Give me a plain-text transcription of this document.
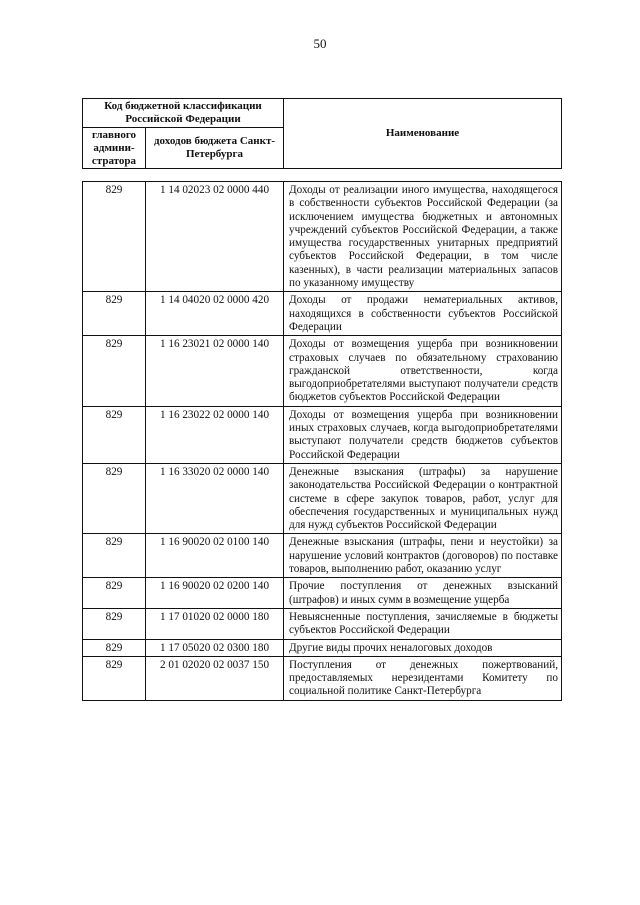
50
Код бюджетной классификации Российской Федерации		Наименование
главного админи-стратора	доходов бюджета Санкт-Петербурга	
829	1 14 02023 02 0000 440	Доходы от реализации иного имущества, находящегося в собственности субъектов Российской Федерации (за исключением имущества бюджетных и автономных учреждений субъектов Российской Федерации, а также имущества государственных унитарных предприятий субъектов Российской Федерации, в том числе казенных), в части реализации материальных запасов по указанному имуществу
829	1 14 04020 02 0000 420	Доходы от продажи нематериальных активов, находящихся в собственности субъектов Российской Федерации
829	1 16 23021 02 0000 140	Доходы от возмещения ущерба при возникновении страховых случаев по обязательному страхованию гражданской ответственности, когда выгодоприобретателями выступают получатели средств бюджетов субъектов Российской Федерации
829	1 16 23022 02 0000 140	Доходы от возмещения ущерба при возникновении иных страховых случаев, когда выгодоприобретателями выступают получатели средств бюджетов субъектов Российской Федерации
829	1 16 33020 02 0000 140	Денежные взыскания (штрафы) за нарушение законодательства Российской Федерации о контрактной системе в сфере закупок товаров, работ, услуг для обеспечения государственных и муниципальных нужд для нужд субъектов Российской Федерации
829	1 16 90020 02 0100 140	Денежные взыскания (штрафы, пени и неустойки) за нарушение условий контрактов (договоров) по поставке товаров, выполнению работ, оказанию услуг
829	1 16 90020 02 0200 140	Прочие поступления от денежных взысканий (штрафов) и иных сумм в возмещение ущерба
829	1 17 01020 02 0000 180	Невыясненные поступления, зачисляемые в бюджеты субъектов Российской Федерации
829	1 17 05020 02 0300 180	Другие виды прочих неналоговых доходов
829	2 01 02020 02 0037 150	Поступления от денежных пожертвований, предоставляемых нерезидентами Комитету по социальной политике Санкт-Петербурга
